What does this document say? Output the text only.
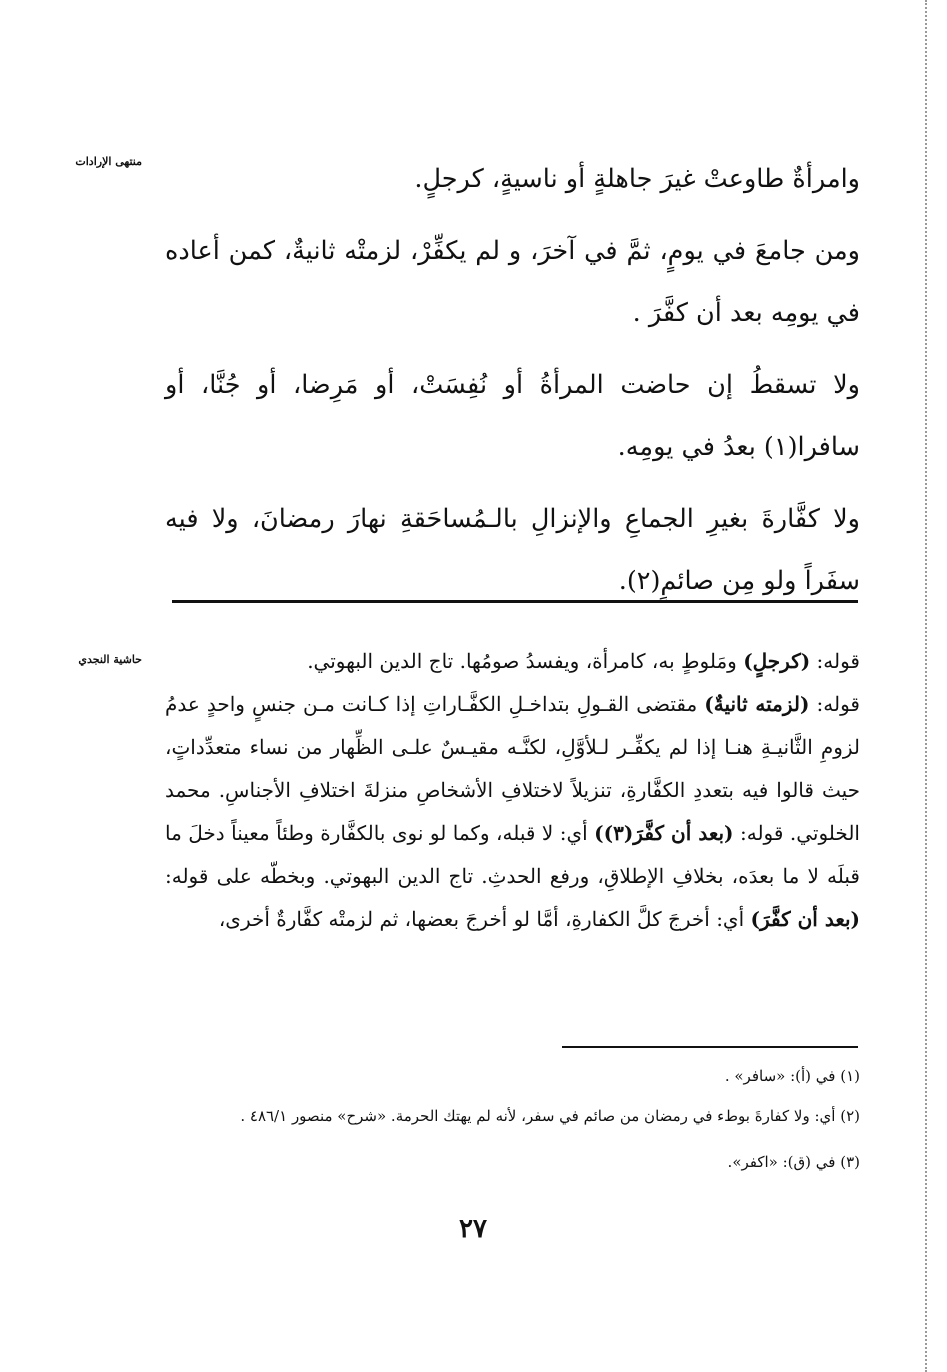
منتهى الإرادات
حاشية النجدي

وامرأةٌ طاوعتْ غيرَ جاهلةٍ أو ناسيةٍ، كرجلٍ.

ومن جامعَ في يومٍ، ثمَّ في آخرَ، و لم يكفِّرْ، لزمتْه ثانيةٌ، كمن أعاده في يومِه بعد أن كفَّرَ .

ولا تسقطُ إن حاضت المرأةُ أو نُفِسَتْ، أو مَرِضا، أو جُنَّا، أو سافرا(١) بعدُ في يومِه.

ولا كفَّارةَ بغيرِ الجماعِ والإنزالِ بالـمُساحَقةِ نهارَ رمضانَ، ولا فيه سفَراً ولو مِن صائمٍ(٢).

قوله: (كرجلٍ) ومَلوطٍ به، كامرأة، ويفسدُ صومُها. تاج الدين البهوتي.

قوله: (لزمته ثانيةٌ) مقتضى القـولِ بتداخـلِ الكفَّـاراتِ إذا كـانت مـن جنسٍ واحدٍ عدمُ لزومِ الثَّانيـةِ هنـا إذا لم يكفِّـر لـلأوَّلِ، لكنَّـه مقيـسٌ علـى الظِّهار من نساء متعدِّداتٍ، حيث قالوا فيه بتعددِ الكفَّارةِ، تنزيلاً لاختلافِ الأشخاصِ منزلةَ اختلافِ الأجناسِ. محمد الخلوتي. قوله: (بعد أن كفَّرَ(٣)) أي: لا قبله، وكما لو نوى بالكفَّارة وطئاً معيناً دخلَ ما قبلَه لا ما بعدَه، بخلافِ الإطلاقِ، ورفع الحدثِ. تاج الدين البهوتي. وبخطّه على قوله: (بعد أن كفَّرَ) أي: أخرجَ كلَّ الكفارةِ، أمَّا لو أخرجَ بعضها، ثم لزمتْه كفَّارةٌ أخرى،

(١) في (أ): «سافر» .
(٢) أي: ولا كفارةَ بوطء في رمضان من صائم في سفر، لأنه لم يهتك الحرمة. «شرح» منصور ٤٨٦/١ .
(٣) في (ق): «اكفر».
٢٧
